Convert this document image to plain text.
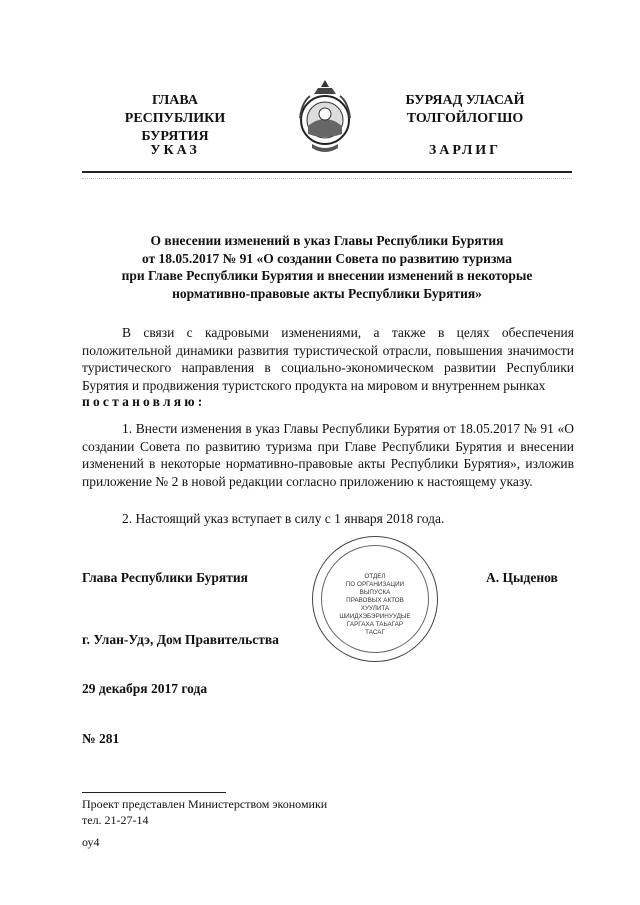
ГЛАВА
РЕСПУБЛИКИ БУРЯТИЯ
УКАЗ
БУРЯАД УЛАСАЙ
ТОЛГОЙЛОГШО
ЗАРЛИГ
О внесении изменений в указ Главы Республики Бурятия
от 18.05.2017 № 91 «О создании Совета по развитию туризма
при Главе Республики Бурятия и внесении изменений в некоторые
нормативно-правовые акты Республики Бурятия»
В связи с кадровыми изменениями, а также в целях обеспечения положительной динамики развития туристической отрасли, повышения значимости туристического направления в социально-экономическом развитии Республики Бурятия и продвижения туристского продукта на мировом и внутреннем рынках
постановляю:
1. Внести изменения в указ Главы Республики Бурятия от 18.05.2017 № 91 «О создании Совета по развитию туризма при Главе Республики Бурятия и внесении изменений в некоторые нормативно-правовые акты Республики Бурятия», изложив приложение № 2 в новой редакции согласно приложению к настоящему указу.
2. Настоящий указ вступает в силу с 1 января 2018 года.
Глава Республики Бурятия	А. Цыденов
ОТДЕЛ
ПО ОРГАНИЗАЦИИ
ВЫПУСКА
ПРАВОВЫХ АКТОВ
ХУУЛИТА
ШИИДХЭБЭРИНУУДЫЕ
ГАРГАХА ТАЬАГАР
ТАСАГ
г. Улан-Удэ, Дом Правительства
29 декабря 2017 года
№ 281
Проект представлен Министерством экономики
тел. 21-27-14
оу4
